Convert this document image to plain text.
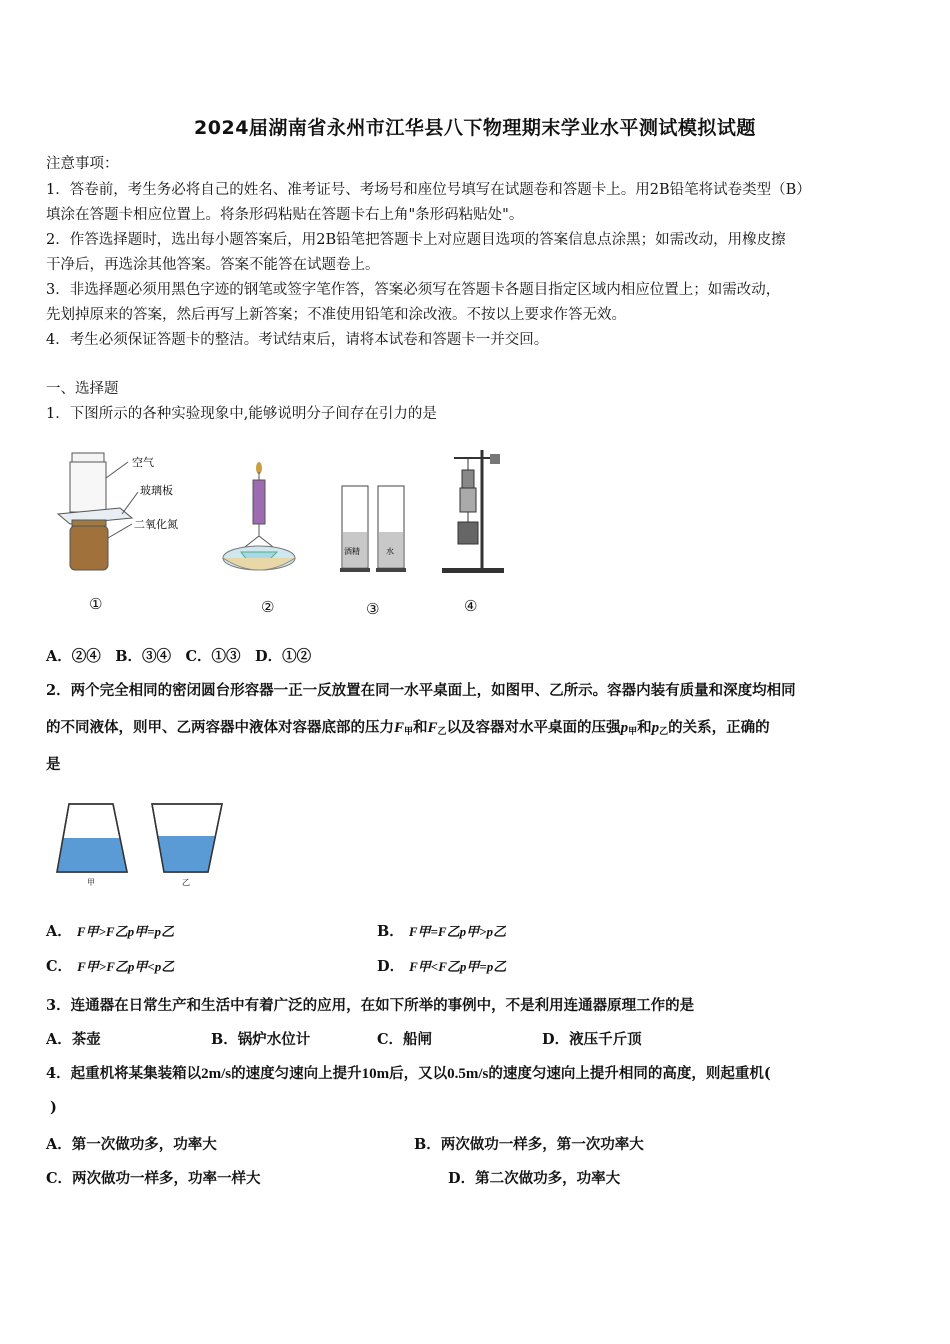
2024届湖南省永州市江华县八下物理期末学业水平测试模拟试题
注意事项：
1．答卷前，考生务必将自己的姓名、准考证号、考场号和座位号填写在试题卷和答题卡上。用2B铅笔将试卷类型（B）
填涂在答题卡相应位置上。将条形码粘贴在答题卡右上角"条形码粘贴处"。
2．作答选择题时，选出每小题答案后，用2B铅笔把答题卡上对应题目选项的答案信息点涂黑；如需改动，用橡皮擦
干净后，再选涂其他答案。答案不能答在试题卷上。
3．非选择题必须用黑色字迹的钢笔或签字笔作答，答案必须写在答题卡各题目指定区域内相应位置上；如需改动，
先划掉原来的答案，然后再写上新答案；不准使用铅笔和涂改液。不按以上要求作答无效。
4．考生必须保证答题卡的整洁。考试结束后，请将本试卷和答题卡一并交回。
一、选择题
1．下图所示的各种实验现象中,能够说明分子间存在引力的是
空气
玻璃板
二氧化氮
酒精	水
①	②	③	④
A．②④　B．③④　C．①③　D．①②
2．两个完全相同的密闭圆台形容器一正一反放置在同一水平桌面上，如图甲、乙所示。容器内装有质量和深度均相同
的不同液体，则甲、乙两容器中液体对容器底部的压力$F_甲$和$F_乙$以及容器对水平桌面的压强$p_甲$和$p_乙$的关系，正确的
是
甲	乙
A． F甲>F乙p甲=p乙	B． F甲=F乙p甲>p乙
C． F甲>F乙p甲<p乙	D． F甲<F乙p甲=p乙
3．连通器在日常生产和生活中有着广泛的应用，在如下所举的事例中，不是利用连通器原理工作的是
A．茶壶	B．锅炉水位计	C．船闸	D．液压千斤顶
4．起重机将某集装箱以2m/s的速度匀速向上提升10m后，又以0.5m/s的速度匀速向上提升相同的高度，则起重机(
)
A．第一次做功多，功率大	B．两次做功一样多，第一次功率大
C．两次做功一样多，功率一样大	D．第二次做功多，功率大
